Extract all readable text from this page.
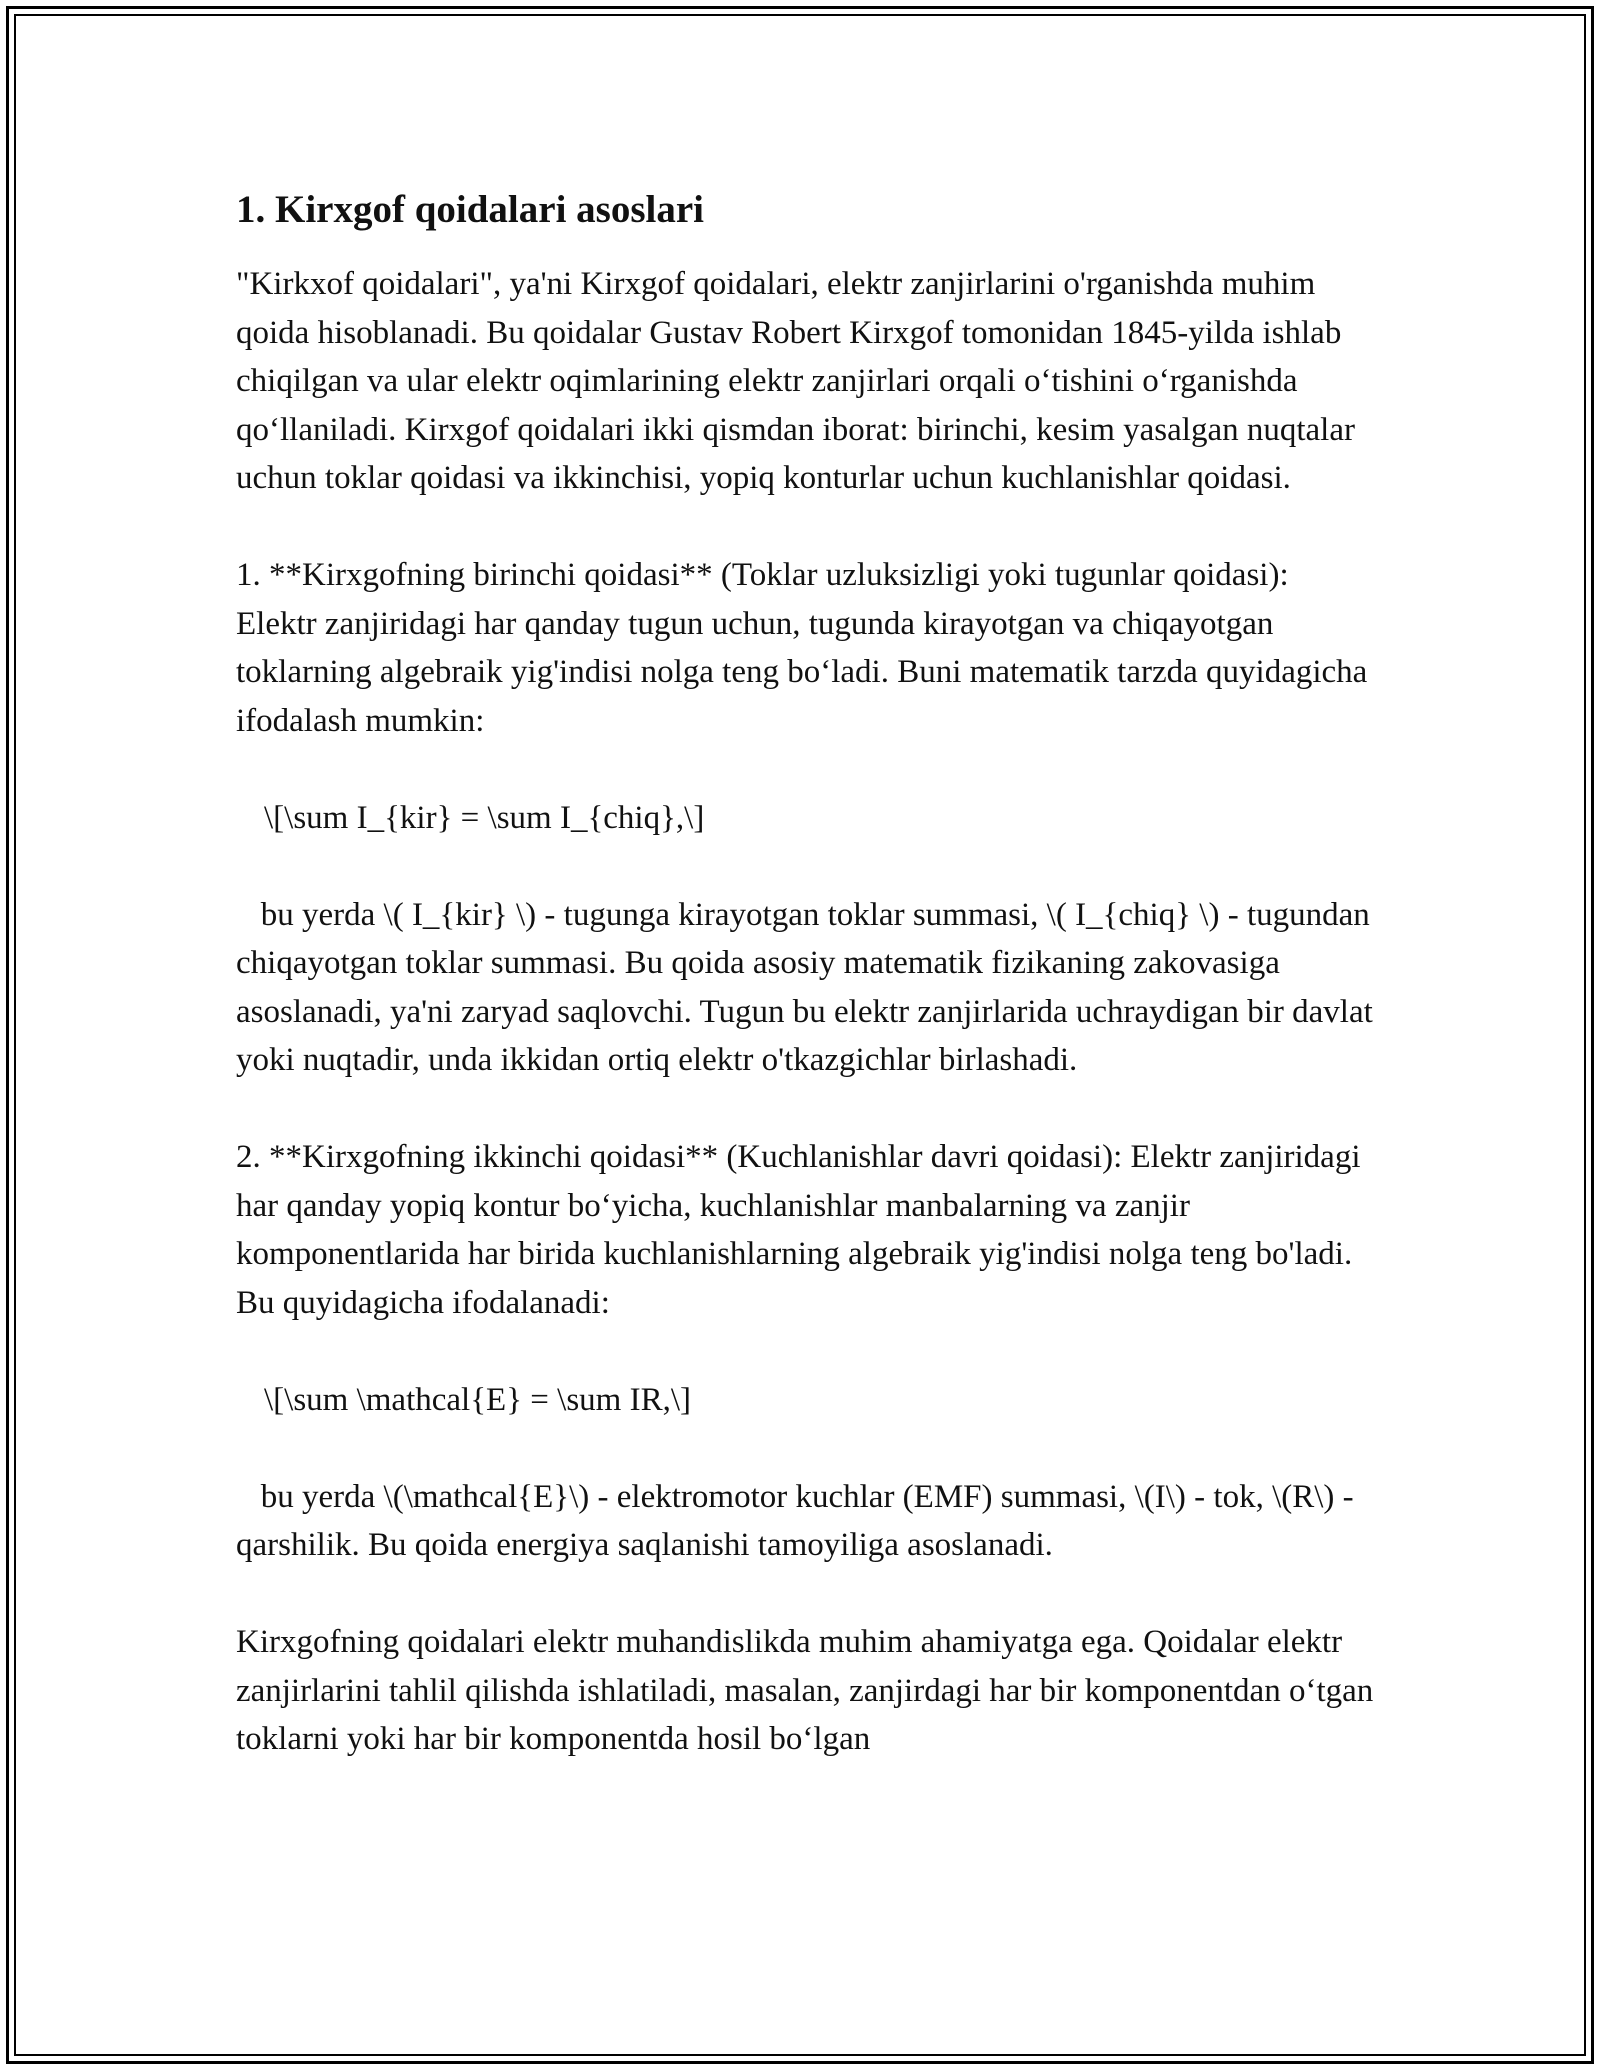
1. Kirxgof qoidalari asoslari

"Kirkxof qoidalari", ya'ni Kirxgof qoidalari, elektr zanjirlarini o'rganishda muhim qoida hisoblanadi. Bu qoidalar Gustav Robert Kirxgof tomonidan 1845-yilda ishlab chiqilgan va ular elektr oqimlarining elektr zanjirlari orqali o‘tishini o‘rganishda qo‘llaniladi. Kirxgof qoidalari ikki qismdan iborat: birinchi, kesim yasalgan nuqtalar uchun toklar qoidasi va ikkinchisi, yopiq konturlar uchun kuchlanishlar qoidasi.

1. **Kirxgofning birinchi qoidasi** (Toklar uzluksizligi yoki tugunlar qoidasi): Elektr zanjiridagi har qanday tugun uchun, tugunda kirayotgan va chiqayotgan toklarning algebraik yig'indisi nolga teng bo‘ladi. Buni matematik tarzda quyidagicha ifodalash mumkin:

\[\sum I_{kir} = \sum I_{chiq},\]

bu yerda \( I_{kir} \) - tugunga kirayotgan toklar summasi, \( I_{chiq} \) - tugundan chiqayotgan toklar summasi. Bu qoida asosiy matematik fizikaning zakovasiga asoslanadi, ya'ni zaryad saqlovchi. Tugun bu elektr zanjirlarida uchraydigan bir davlat yoki nuqtadir, unda ikkidan ortiq elektr o'tkazgichlar birlashadi.

2. **Kirxgofning ikkinchi qoidasi** (Kuchlanishlar davri qoidasi): Elektr zanjiridagi har qanday yopiq kontur bo‘yicha, kuchlanishlar manbalarning va zanjir komponentlarida har birida kuchlanishlarning algebraik yig'indisi nolga teng bo'ladi. Bu quyidagicha ifodalanadi:

\[\sum \mathcal{E} = \sum IR,\]

bu yerda \(\mathcal{E}\) - elektromotor kuchlar (EMF) summasi, \(I\) - tok, \(R\) - qarshilik. Bu qoida energiya saqlanishi tamoyiliga asoslanadi.

Kirxgofning qoidalari elektr muhandislikda muhim ahamiyatga ega. Qoidalar elektr zanjirlarini tahlil qilishda ishlatiladi, masalan, zanjirdagi har bir komponentdan o‘tgan toklarni yoki har bir komponentda hosil bo‘lgan
